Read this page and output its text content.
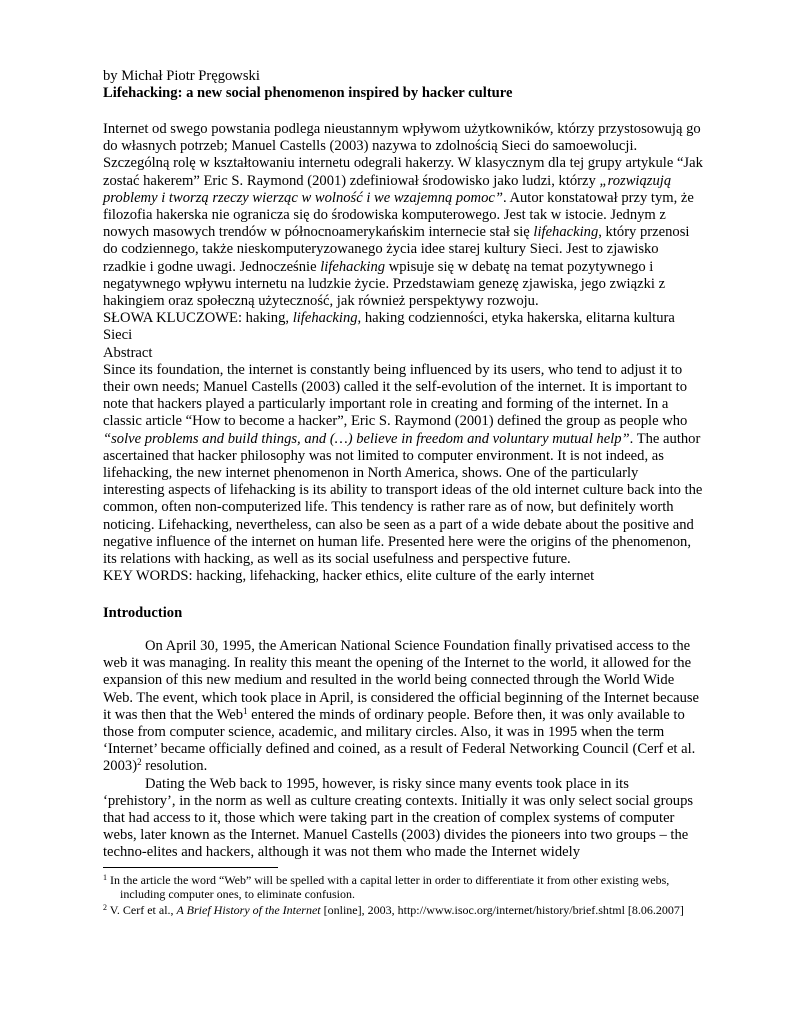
by Michał Piotr Pręgowski

Lifehacking: a new social phenomenon inspired by hacker culture

Internet od swego powstania podlega nieustannym wpływom użytkowników, którzy przystosowują go do własnych potrzeb; Manuel Castells (2003) nazywa to zdolnością Sieci do samoewolucji. Szczególną rolę w kształtowaniu internetu odegrali hakerzy. W klasycznym dla tej grupy artykule “Jak zostać hakerem” Eric S. Raymond (2001) zdefiniował środowisko jako ludzi, którzy „rozwiązują problemy i tworzą rzeczy wierząc w wolność i we wzajemną pomoc”. Autor konstatował przy tym, że filozofia hakerska nie ogranicza się do środowiska komputerowego. Jest tak w istocie. Jednym z nowych masowych trendów w północnoamerykańskim internecie stał się lifehacking, który przenosi do codziennego, także nieskomputeryzowanego życia idee starej kultury Sieci. Jest to zjawisko rzadkie i godne uwagi. Jednocześnie lifehacking wpisuje się w debatę na temat pozytywnego i negatywnego wpływu internetu na ludzkie życie. Przedstawiam genezę zjawiska, jego związki z hakingiem oraz społeczną użyteczność, jak również perspektywy rozwoju.

SŁOWA KLUCZOWE: haking, lifehacking, haking codzienności, etyka hakerska, elitarna kultura Sieci

Abstract

Since its foundation, the internet is constantly being influenced by its users, who tend to adjust it to their own needs; Manuel Castells (2003) called it the self-evolution of the internet. It is important to note that hackers played a particularly important role in creating and forming of the internet. In a classic article “How to become a hacker”, Eric S. Raymond (2001) defined the group as people who “solve problems and build things, and (…) believe in freedom and voluntary mutual help”. The author ascertained that hacker philosophy was not limited to computer environment. It is not indeed, as lifehacking, the new internet phenomenon in North America, shows. One of the particularly interesting aspects of lifehacking is its ability to transport ideas of the old internet culture back into the common, often non-computerized life. This tendency is rather rare as of now, but definitely worth noticing. Lifehacking, nevertheless, can also be seen as a part of a wide debate about the positive and negative influence of the internet on human life. Presented here were the origins of the phenomenon, its relations with hacking, as well as its social usefulness and perspective future.

KEY WORDS: hacking, lifehacking, hacker ethics, elite culture of the early internet

Introduction

On April 30, 1995, the American National Science Foundation finally privatised access to the web it was managing. In reality this meant the opening of the Internet to the world, it allowed for the expansion of this new medium and resulted in the world being connected through the World Wide Web. The event, which took place in April, is considered the official beginning of the Internet because it was then that the Web$^1$ entered the minds of ordinary people. Before then, it was only available to those from computer science, academic, and military circles. Also, it was in 1995 when the term ‘Internet’ became officially defined and coined, as a result of Federal Networking Council (Cerf et al. 2003)$^2$ resolution.

Dating the Web back to 1995, however, is risky since many events took place in its ‘prehistory’, in the norm as well as culture creating contexts. Initially it was only select social groups that had access to it, those which were taking part in the creation of complex systems of computer webs, later known as the Internet. Manuel Castells (2003) divides the pioneers into two groups – the techno-elites and hackers, although it was not them who made the Internet widely

$^1$ In the article the word “Web” will be spelled with a capital letter in order to differentiate it from other existing webs, including computer ones, to eliminate confusion.

$^2$ V. Cerf et al., A Brief History of the Internet [online], 2003, http://www.isoc.org/internet/history/brief.shtml [8.06.2007]
